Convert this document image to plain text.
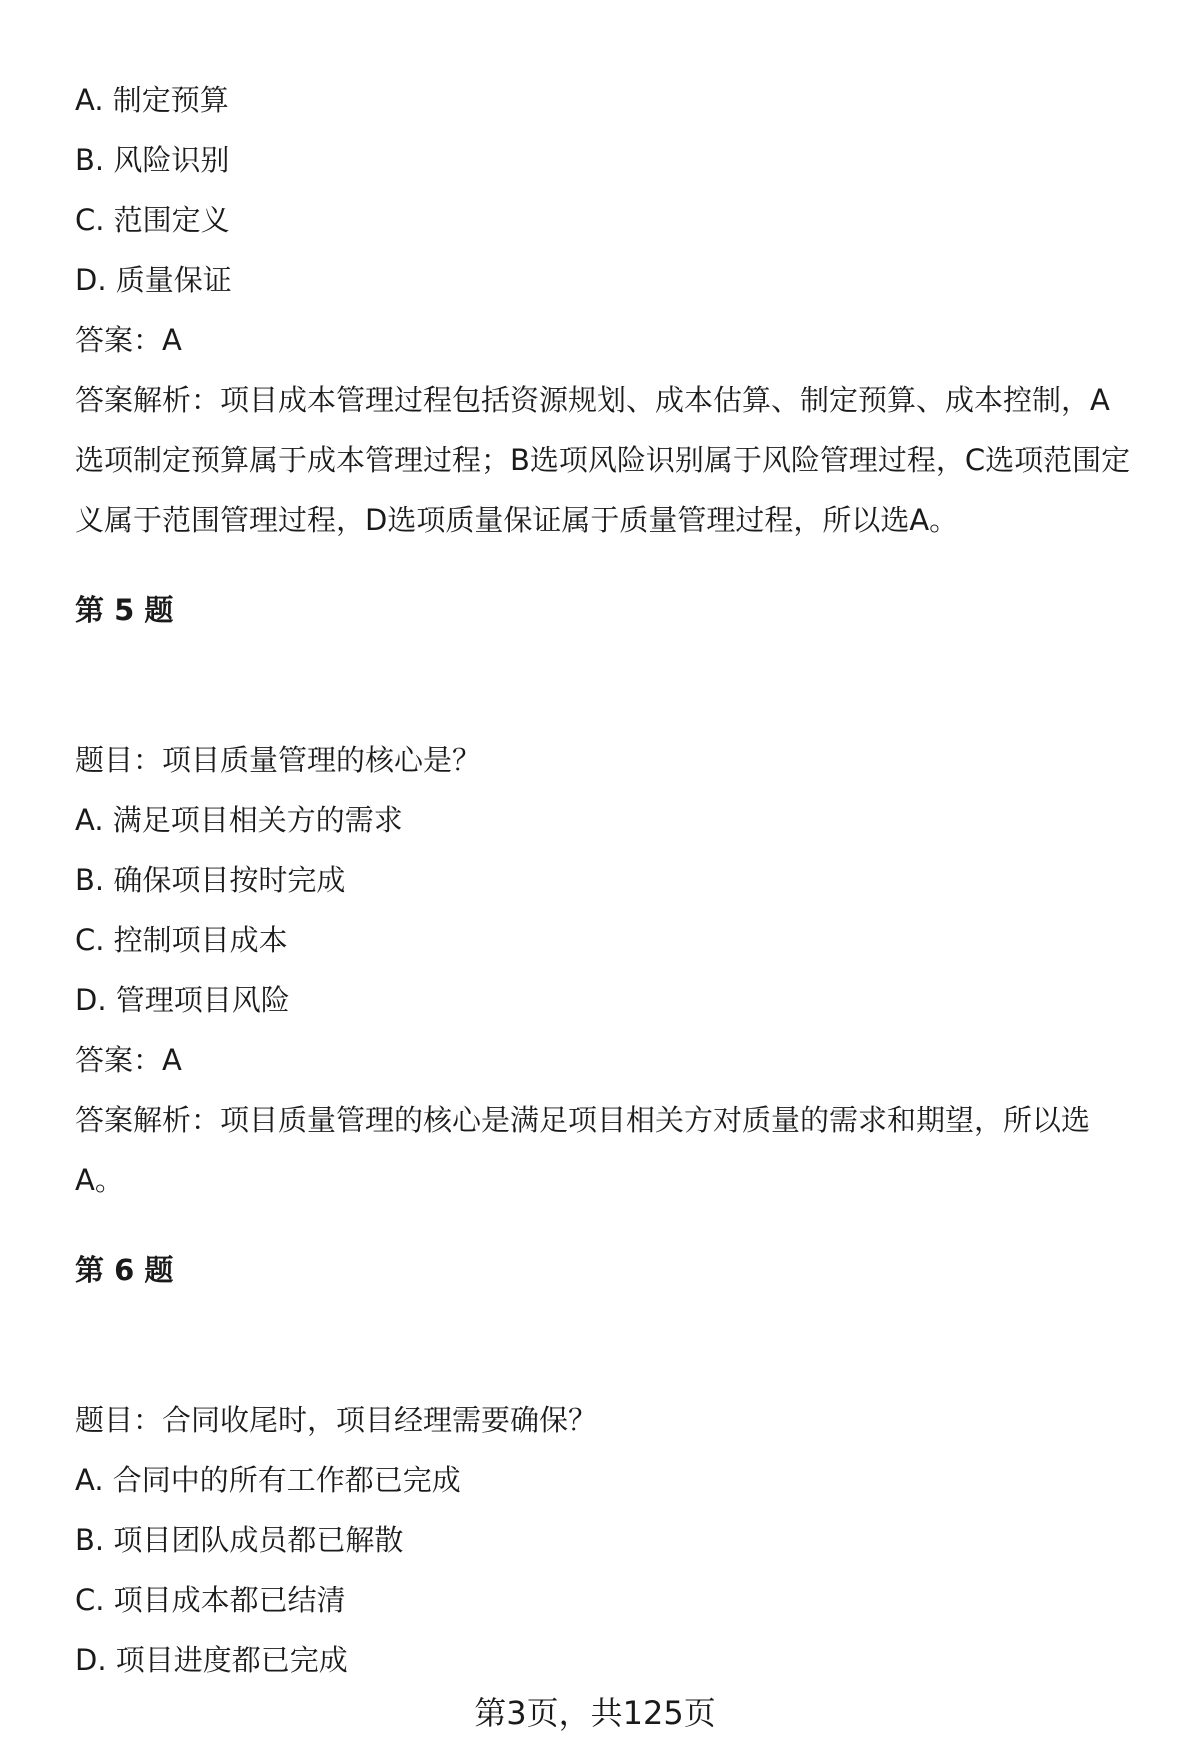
A. 制定预算
B. 风险识别
C. 范围定义
D. 质量保证
答案：A
答案解析：项目成本管理过程包括资源规划、成本估算、制定预算、成本控制，A
选项制定预算属于成本管理过程；B选项风险识别属于风险管理过程，C选项范围定
义属于范围管理过程，D选项质量保证属于质量管理过程，所以选A。
第 5 题
题目：项目质量管理的核心是？
A. 满足项目相关方的需求
B. 确保项目按时完成
C. 控制项目成本
D. 管理项目风险
答案：A
答案解析：项目质量管理的核心是满足项目相关方对质量的需求和期望，所以选
A。
第 6 题
题目：合同收尾时，项目经理需要确保？
A. 合同中的所有工作都已完成
B. 项目团队成员都已解散
C. 项目成本都已结清
D. 项目进度都已完成
第3页，共125页
